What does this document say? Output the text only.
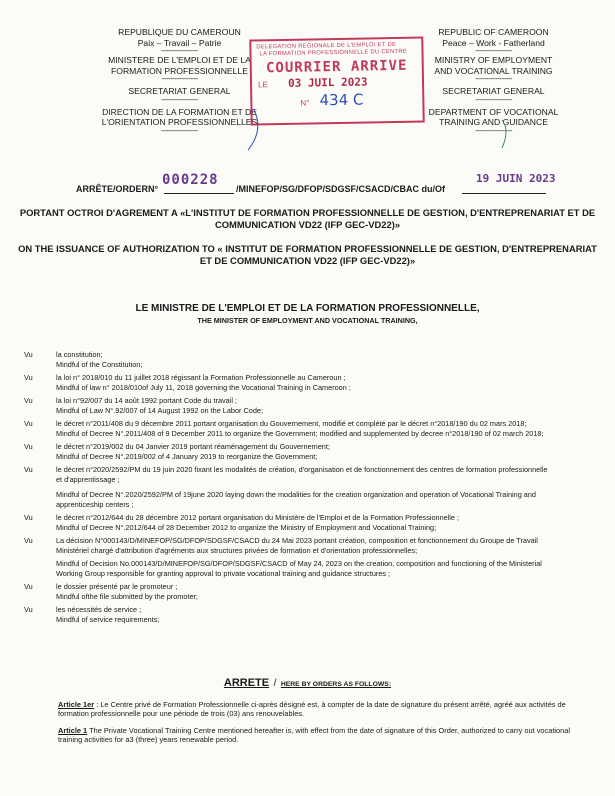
REPUBLIQUE DU CAMEROUN
Paix – Travail – Patrie
--------------------
MINISTERE DE L'EMPLOI ET DE LA
FORMATION PROFESSIONNELLE
--------------------
SECRETARIAT GENERAL
--------------------
DIRECTION DE LA FORMATION ET DE
L'ORIENTATION PROFESSIONNELLES
--------------------
REPUBLIC OF CAMEROON
Peace – Work - Fatherland
--------------------
MINISTRY OF EMPLOYMENT
AND VOCATIONAL TRAINING
--------------------
SECRETARIAT GENERAL
--------------------
DEPARTMENT OF VOCATIONAL
TRAINING AND GUIDANCE
--------------------
DELEGATION REGIONALE DE L'EMPLOI ET DE
LA FORMATION PROFESSIONNELLE DU CENTRE
COURRIER ARRIVE
LE 03 JUIL 2023
N° 434 C
ARRÊTE/ORDERN°
000228
/MINEFOP/SG/DFOP/SDGSF/CSACD/CBAC du/Of
19 JUIN 2023
PORTANT OCTROI D'AGREMENT A «L'INSTITUT DE FORMATION PROFESSIONNELLE DE GESTION, D'ENTREPRENARIAT ET DE
COMMUNICATION VD22 (IFP GEC-VD22)»
ON THE ISSUANCE OF AUTHORIZATION TO « INSTITUT DE FORMATION PROFESSIONNELLE DE GESTION, D'ENTREPRENARIAT
ET DE COMMUNICATION VD22 (IFP GEC-VD22)»
LE MINISTRE DE L'EMPLOI ET DE LA FORMATION PROFESSIONNELLE,
THE MINISTER OF EMPLOYMENT AND VOCATIONAL TRAINING,
Vu	la constitution;
Mindful of the Constitution;
Vu	la loi n° 2018/010 du 11 juillet 2018 régissant la Formation Professionnelle au Cameroun ;
Mindful of law n° 2018/010of July 11, 2018 governing the Vocational Training in Cameroon ;
Vu	la loi n°92/007 du 14 août 1992 portant Code du travail ;
Mindful of Law N°.92/007 of 14 August 1992 on the Labor Code;
Vu	le décret n°2011/408 du 9 décembre 2011 portant organisation du Gouvernement, modifié et complété par le décret n°2018/190 du 02 mars 2018;
Mindful of Decree N°.2011/408 of 9 December 2011 to organize the Government; modified and supplemented by decree n°2018/190 of 02 march 2018;
Vu	le décret n°2019/002 du 04 Janvier 2019 portant réaménagement du Gouvernement;
Mindful of Decree N°.2019/002 of 4 January 2019 to reorganize the Government;
Vu	le décret n°2020/2592/PM du 19 juin 2020 fixant les modalités de création, d'organisation et de fonctionnement des centres de formation professionnelle
et d'apprentissage ;
Mindful of Decree N°.2020/2592/PM of 19june 2020 laying down the modalities for the creation organization and operation of Vocational Training and
apprenticeship centers ;
Vu	le décret n°2012/644 du 28 décembre 2012 portant organisation du Ministère de l'Emploi et de la Formation Professionnelle ;
Mindful of Decree N°.2012/644 of 28 December 2012 to organize the Ministry of Employment and Vocational Training;
Vu	La décision N°000143/D/MINEFOP/SG/DFOP/SDGSF/CSACD du 24 Mai 2023 portant création, composition et fonctionnement du Groupe de Travail
Ministériel chargé d'attribution d'agréments aux structures privées de formation et d'orientation professionnelles;
Mindful of Decision No.000143/D/MINEFOP/SG/DFOP/SDGSF/CSACD of May 24, 2023 on the creation, composition and functioning of the Ministerial
Working Group responsible for granting approval to private vocational training and guidance structures ;
Vu	le dossier présenté par le promoteur ;
Mindful ofthe file submitted by the promoter;
Vu	les nécessités de service ;
Mindful of service requirements;
ARRETE / HERE BY ORDERS AS FOLLOWS:
Article 1er : Le Centre privé de Formation Professionnelle ci-après désigné est, à compter de la date de signature du présent arrêté, agréé aux activités de
formation professionnelle pour une période de trois (03) ans renouvelables.
Article 1 The Private Vocational Training Centre mentioned hereafter is, with effect from the date of signature of this Order, authorized to carry out vocational
training activities for a3 (three) years renewable period.
